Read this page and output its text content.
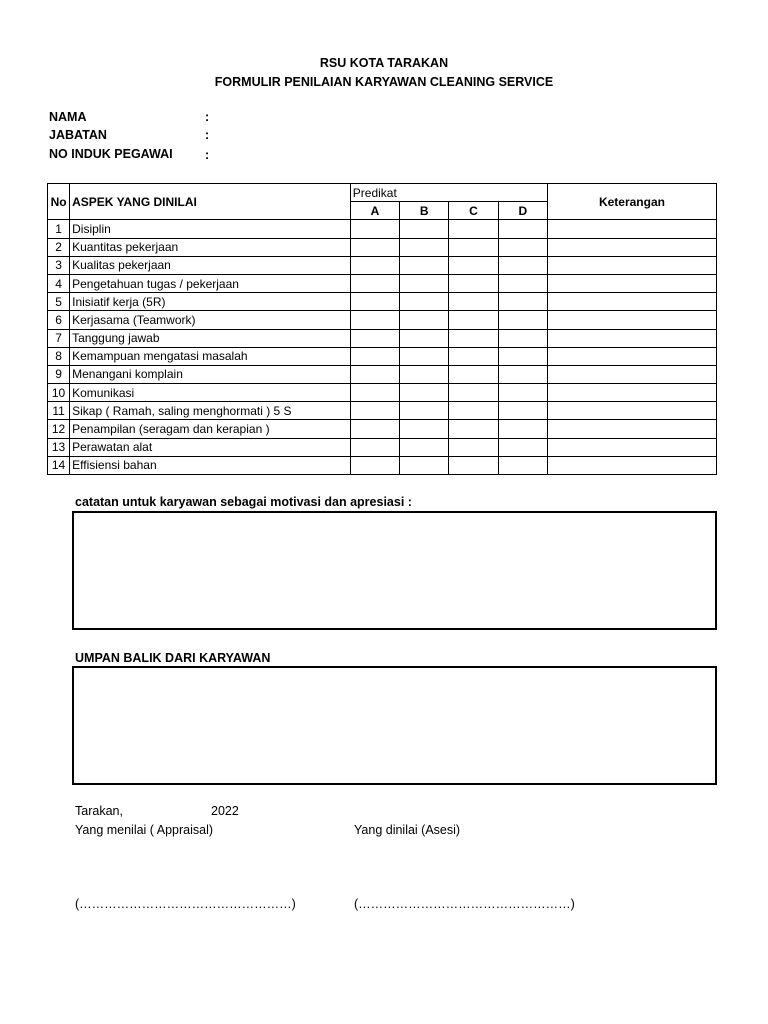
RSU KOTA TARAKAN
FORMULIR PENILAIAN KARYAWAN CLEANING SERVICE
NAMA	:
JABATAN	:
NO INDUK PEGAWAI	:
No	ASPEK YANG DINILAI	Predikat				Keterangan
		A	B	C	D	
1	Disiplin					
2	Kuantitas pekerjaan					
3	Kualitas pekerjaan					
4	Pengetahuan tugas / pekerjaan					
5	Inisiatif kerja (5R)					
6	Kerjasama (Teamwork)					
7	Tanggung jawab					
8	Kemampuan mengatasi masalah					
9	Menangani komplain					
10	Komunikasi					
11	Sikap ( Ramah, saling menghormati ) 5 S					
12	Penampilan (seragam dan kerapian )					
13	Perawatan alat					
14	Effisiensi bahan					
catatan untuk karyawan sebagai motivasi dan apresiasi :
UMPAN BALIK DARI KARYAWAN
Tarakan,	2022
Yang menilai ( Appraisal)	Yang dinilai (Asesi)
(……………………………………………)	(……………………………………………)
